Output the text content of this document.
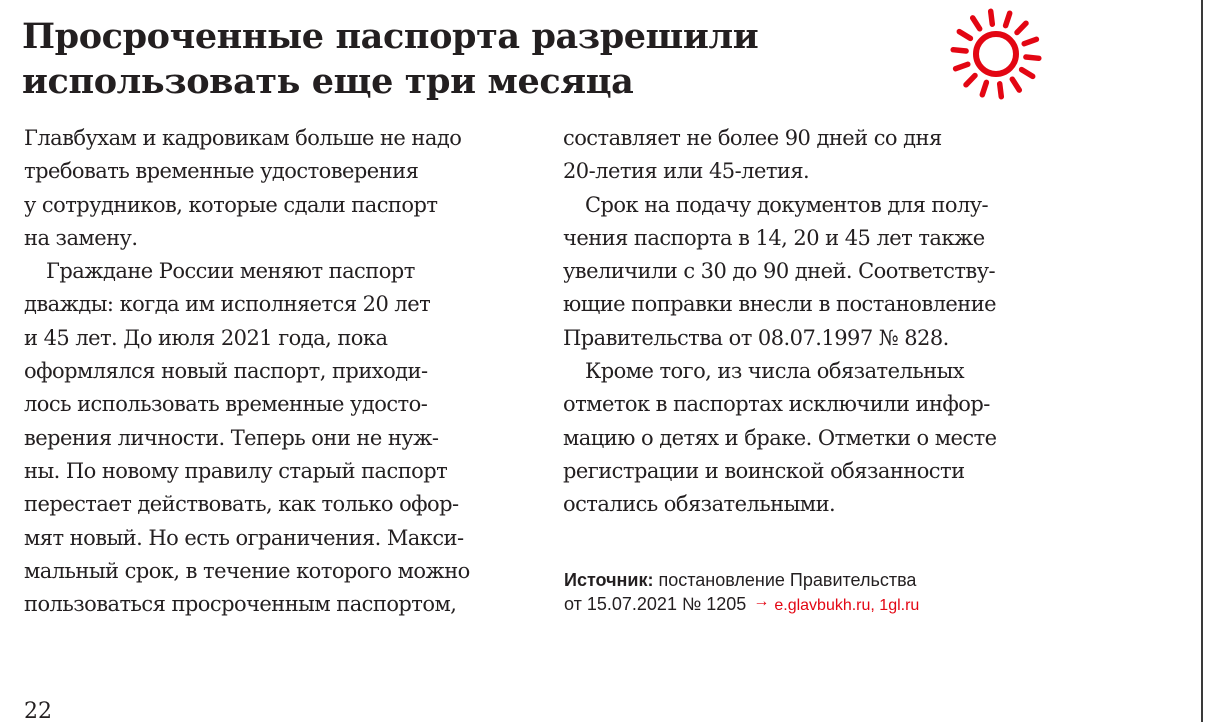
Просроченные паспорта разрешили
использовать еще три месяца
Главбухам и кадровикам больше не надо
требовать временные удостоверения
у сотрудников, которые сдали паспорт
на замену.
Граждане России меняют паспорт
дважды: когда им исполняется 20 лет
и 45 лет. До июля 2021 года, пока
оформлялся новый паспорт, приходи-
лось использовать временные удосто-
верения личности. Теперь они не нуж-
ны. По новому правилу старый паспорт
перестает действовать, как только офор-
мят новый. Но есть ограничения. Макси-
мальный срок, в течение которого можно
пользоваться просроченным паспортом,
составляет не более 90 дней со дня
20-летия или 45-летия.
Срок на подачу документов для полу-
чения паспорта в 14, 20 и 45 лет также
увеличили с 30 до 90 дней. Соответству-
ющие поправки внесли в постановление
Правительства от 08.07.1997 № 828.
Кроме того, из числа обязательных
отметок в паспортах исключили инфор-
мацию о детях и браке. Отметки о месте
регистрации и воинской обязанности
остались обязательными.
Источник: постановление Правительства
от 15.07.2021 № 1205 → e.glavbukh.ru, 1gl.ru
22
